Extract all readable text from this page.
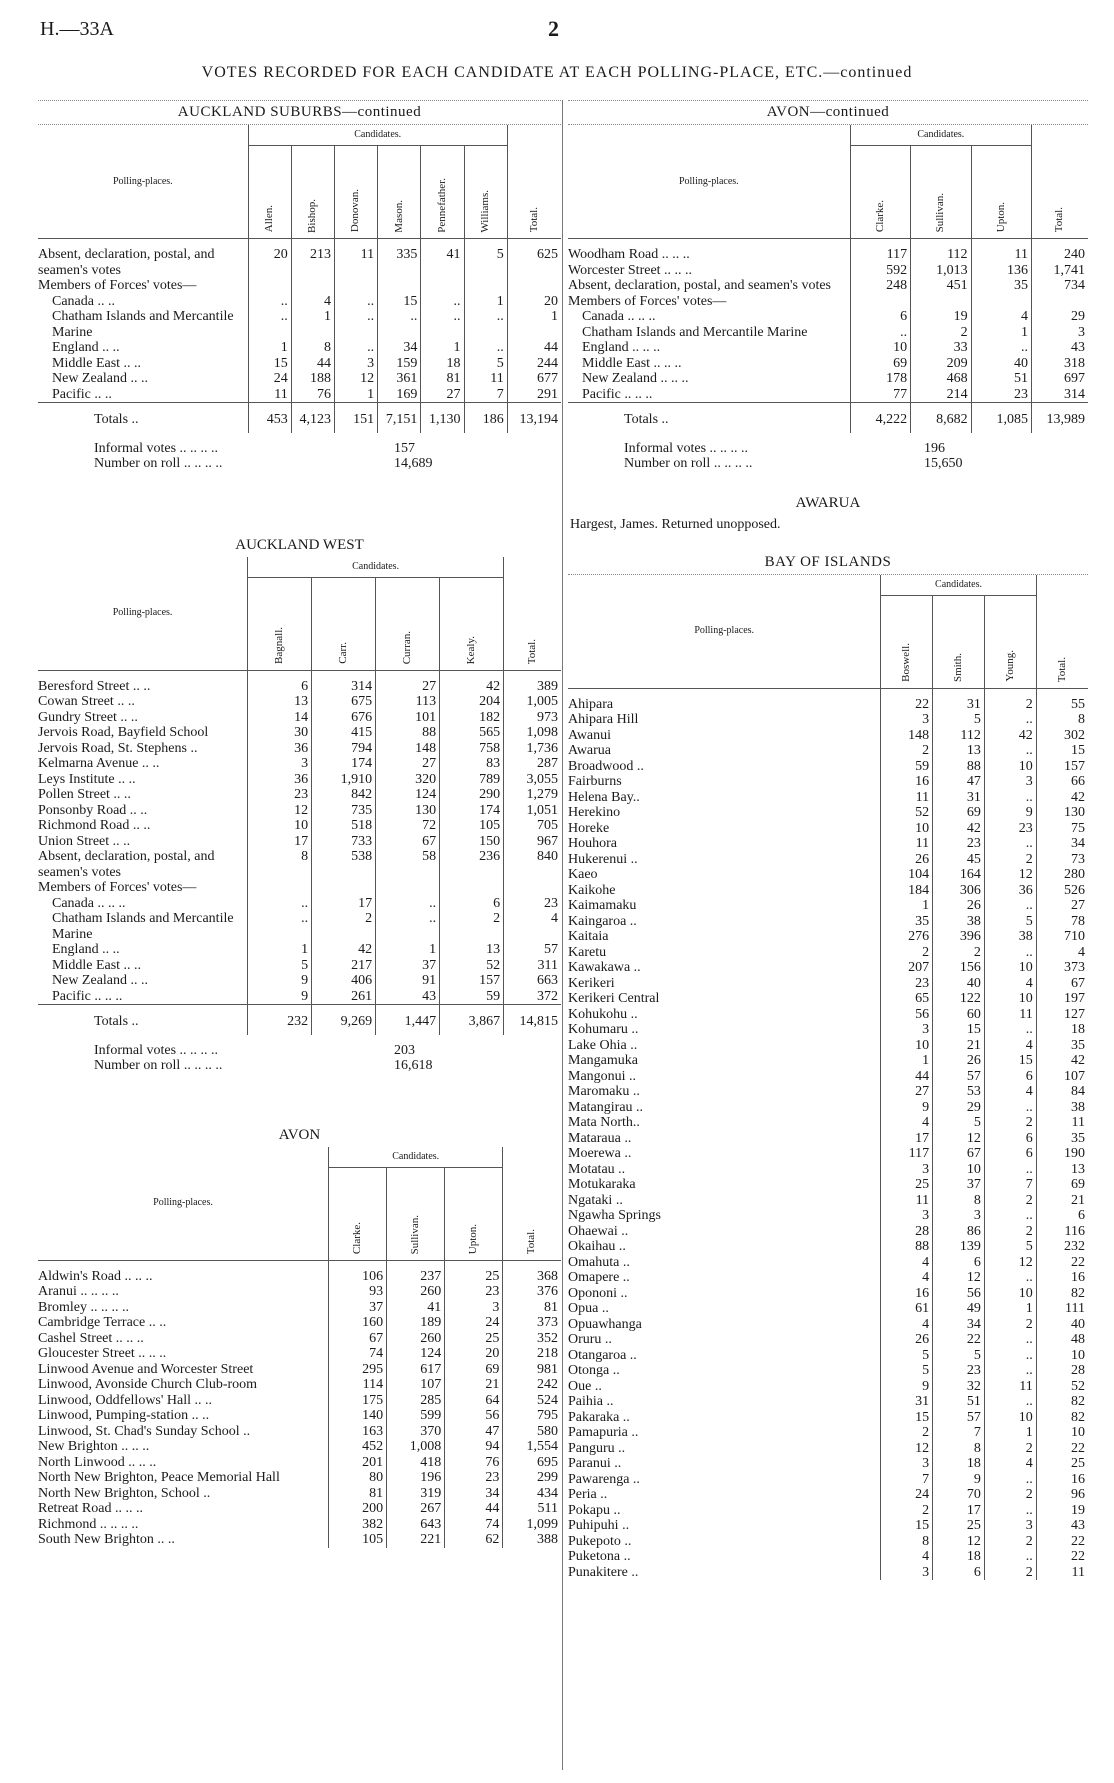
H.—33A	2
VOTES RECORDED FOR EACH CANDIDATE AT EACH POLLING-PLACE, ETC.—continued
AUCKLAND SUBURBS—continued
Polling-places.	Candidates.						Total.
	Allen.	Bishop.	Donovan.	Mason.	Pennefather.	Williams.	
Absent, declaration, postal, and seamen's votes	20	213	11	335	41	5	625
Members of Forces' votes—							
Canada .. ..	..	4	..	15	..	1	20
Chatham Islands and Mercantile Marine	..	1	..	..	..	..	1
England .. ..	1	8	..	34	1	..	44
Middle East .. ..	15	44	3	159	18	5	244
New Zealand .. ..	24	188	12	361	81	11	677
Pacific .. ..	11	76	1	169	27	7	291
Totals ..	453	4,123	151	7,151	1,130	186	13,194
Informal votes .. .. .. ..	157
Number on roll .. .. .. ..	14,689
AUCKLAND WEST
Polling-places.	Candidates.				Total.
	Bagnall.	Carr.	Curran.	Kealy.	
Beresford Street .. ..	6	314	27	42	389
Cowan Street .. ..	13	675	113	204	1,005
Gundry Street .. ..	14	676	101	182	973
Jervois Road, Bayfield School	30	415	88	565	1,098
Jervois Road, St. Stephens ..	36	794	148	758	1,736
Kelmarna Avenue .. ..	3	174	27	83	287
Leys Institute .. ..	36	1,910	320	789	3,055
Pollen Street .. ..	23	842	124	290	1,279
Ponsonby Road .. ..	12	735	130	174	1,051
Richmond Road .. ..	10	518	72	105	705
Union Street .. ..	17	733	67	150	967
Absent, declaration, postal, and seamen's votes	8	538	58	236	840
Members of Forces' votes—					
Canada .. .. ..	..	17	..	6	23
Chatham Islands and Mercantile Marine	..	2	..	2	4
England .. ..	1	42	1	13	57
Middle East .. ..	5	217	37	52	311
New Zealand .. ..	9	406	91	157	663
Pacific .. .. ..	9	261	43	59	372
Totals ..	232	9,269	1,447	3,867	14,815
Informal votes .. .. .. ..	203
Number on roll .. .. .. ..	16,618
AVON
Polling-places.	Candidates.			Total.
	Clarke.	Sullivan.	Upton.	
Aldwin's Road .. .. ..	106	237	25	368
Aranui .. .. .. ..	93	260	23	376
Bromley .. .. .. ..	37	41	3	81
Cambridge Terrace .. ..	160	189	24	373
Cashel Street .. .. ..	67	260	25	352
Gloucester Street .. .. ..	74	124	20	218
Linwood Avenue and Worcester Street	295	617	69	981
Linwood, Avonside Church Club-room	114	107	21	242
Linwood, Oddfellows' Hall .. ..	175	285	64	524
Linwood, Pumping-station .. ..	140	599	56	795
Linwood, St. Chad's Sunday School ..	163	370	47	580
New Brighton .. .. ..	452	1,008	94	1,554
North Linwood .. .. ..	201	418	76	695
North New Brighton, Peace Memorial Hall	80	196	23	299
North New Brighton, School ..	81	319	34	434
Retreat Road .. .. ..	200	267	44	511
Richmond .. .. .. ..	382	643	74	1,099
South New Brighton .. ..	105	221	62	388
AVON—continued
Polling-places.	Candidates.			Total.
	Clarke.	Sullivan.	Upton.	
Woodham Road .. .. ..	117	112	11	240
Worcester Street .. .. ..	592	1,013	136	1,741
Absent, declaration, postal, and seamen's votes	248	451	35	734
Members of Forces' votes—				
Canada .. .. ..	6	19	4	29
Chatham Islands and Mercantile Marine	..	2	1	3
England .. .. ..	10	33	..	43
Middle East .. .. ..	69	209	40	318
New Zealand .. .. ..	178	468	51	697
Pacific .. .. ..	77	214	23	314
Totals ..	4,222	8,682	1,085	13,989
Informal votes .. .. .. ..	196
Number on roll .. .. .. ..	15,650
AWARUA
Hargest, James. Returned unopposed.
BAY OF ISLANDS
Polling-places.	Candidates.			Total.
	Boswell.	Smith.	Young.	
Ahipara	22	31	2	55
Ahipara Hill	3	5	..	8
Awanui	148	112	42	302
Awarua	2	13	..	15
Broadwood ..	59	88	10	157
Fairburns	16	47	3	66
Helena Bay..	11	31	..	42
Herekino	52	69	9	130
Horeke	10	42	23	75
Houhora	11	23	..	34
Hukerenui ..	26	45	2	73
Kaeo	104	164	12	280
Kaikohe	184	306	36	526
Kaimamaku	1	26	..	27
Kaingaroa ..	35	38	5	78
Kaitaia	276	396	38	710
Karetu	2	2	..	4
Kawakawa ..	207	156	10	373
Kerikeri	23	40	4	67
Kerikeri Central	65	122	10	197
Kohukohu ..	56	60	11	127
Kohumaru ..	3	15	..	18
Lake Ohia ..	10	21	4	35
Mangamuka	1	26	15	42
Mangonui ..	44	57	6	107
Maromaku ..	27	53	4	84
Matangirau ..	9	29	..	38
Mata North..	4	5	2	11
Mataraua ..	17	12	6	35
Moerewa ..	117	67	6	190
Motatau ..	3	10	..	13
Motukaraka	25	37	7	69
Ngataki ..	11	8	2	21
Ngawha Springs	3	3	..	6
Ohaewai ..	28	86	2	116
Okaihau ..	88	139	5	232
Omahuta ..	4	6	12	22
Omapere ..	4	12	..	16
Opononi ..	16	56	10	82
Opua ..	61	49	1	111
Opuawhanga	4	34	2	40
Oruru ..	26	22	..	48
Otangaroa ..	5	5	..	10
Otonga ..	5	23	..	28
Oue ..	9	32	11	52
Paihia ..	31	51	..	82
Pakaraka ..	15	57	10	82
Pamapuria ..	2	7	1	10
Panguru ..	12	8	2	22
Paranui ..	3	18	4	25
Pawarenga ..	7	9	..	16
Peria ..	24	70	2	96
Pokapu ..	2	17	..	19
Puhipuhi ..	15	25	3	43
Pukepoto ..	8	12	2	22
Puketona ..	4	18	..	22
Punakitere ..	3	6	2	11
